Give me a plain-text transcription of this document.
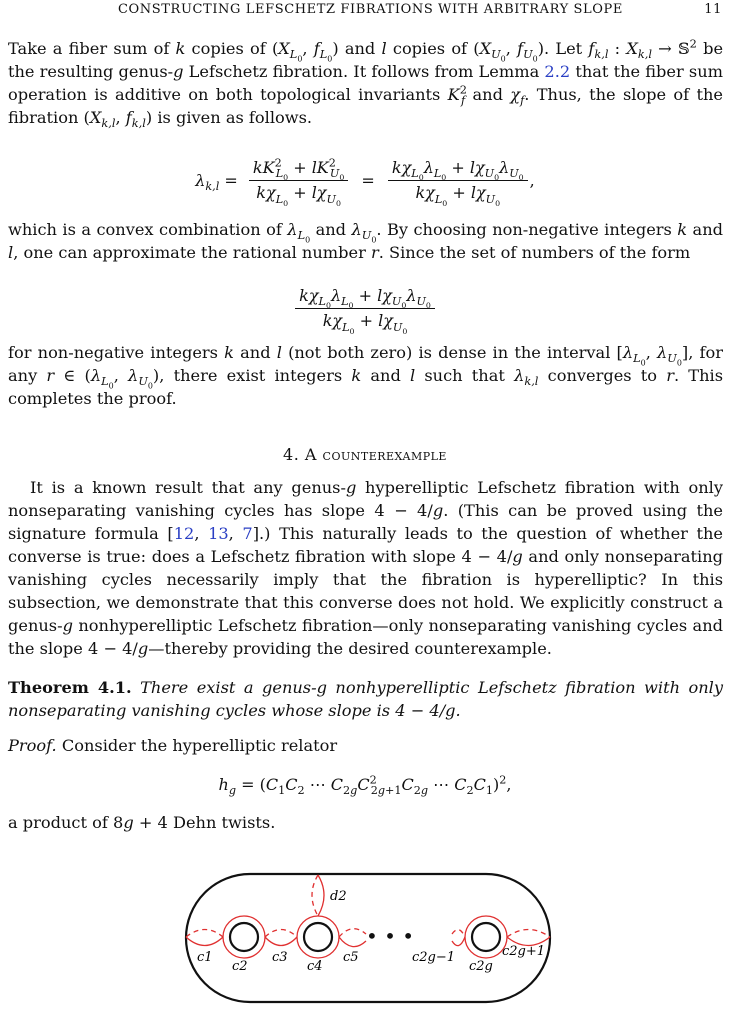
CONSTRUCTING LEFSCHETZ FIBRATIONS WITH ARBITRARY SLOPE	11

Take a fiber sum of k copies of ($X_{L_0}$, $f_{L_0}$) and l copies of ($X_{U_0}$, $f_{U_0}$). Let $f_{k,l}$ : $X_{k,l}$ → 𝕊$^2$ be the resulting genus-g Lefschetz fibration. It follows from Lemma 2.2 that the fiber sum operation is additive on both topological invariants $K^2_f$ and $\chi_f$. Thus, the slope of the fibration ($X_{k,l}$, $f_{k,l}$) is given as follows.

$\lambda_{k,l} = \frac{kK^2_{L_0} + lK^2_{U_0}}{k\chi_{L_0} + l\chi_{U_0}} = \frac{k\chi_{L_0}\lambda_{L_0} + l\chi_{U_0}\lambda_{U_0}}{k\chi_{L_0} + l\chi_{U_0}}$ ,

which is a convex combination of $\lambda_{L_0}$ and $\lambda_{U_0}$. By choosing non-negative integers k and l, one can approximate the rational number r. Since the set of numbers of the form

$\frac{k\chi_{L_0}\lambda_{L_0} + l\chi_{U_0}\lambda_{U_0}}{k\chi_{L_0} + l\chi_{U_0}}$

for non-negative integers k and l (not both zero) is dense in the interval [$\lambda_{L_0}$, $\lambda_{U_0}$], for any r ∈ ($\lambda_{L_0}$, $\lambda_{U_0}$), there exist integers k and l such that $\lambda_{k,l}$ converges to r. This completes the proof.

4. A counterexample

It is a known result that any genus-g hyperelliptic Lefschetz fibration with only nonseparating vanishing cycles has slope 4 − 4/g. (This can be proved using the signature formula [12, 13, 7].) This naturally leads to the question of whether the converse is true: does a Lefschetz fibration with slope 4 − 4/g and only nonseparating vanishing cycles necessarily imply that the fibration is hyperelliptic? In this subsection, we demonstrate that this converse does not hold. We explicitly construct a genus-g nonhyperelliptic Lefschetz fibration—only nonseparating vanishing cycles and the slope 4 − 4/g—thereby providing the desired counterexample.

Theorem 4.1. There exist a genus-g nonhyperelliptic Lefschetz fibration with only nonseparating vanishing cycles whose slope is 4 − 4/g.

Proof. Consider the hyperelliptic relator

$h_g = (C_1C_2$ ⋯ $C_{2g}C^2_{2g+1}C_{2g}$ ⋯ $C_2C_1)^2$,

a product of 8g + 4 Dehn twists.

• • •
d2
c1
c2
c3
c4
c5	c2g−1
c2g
c2g+1
